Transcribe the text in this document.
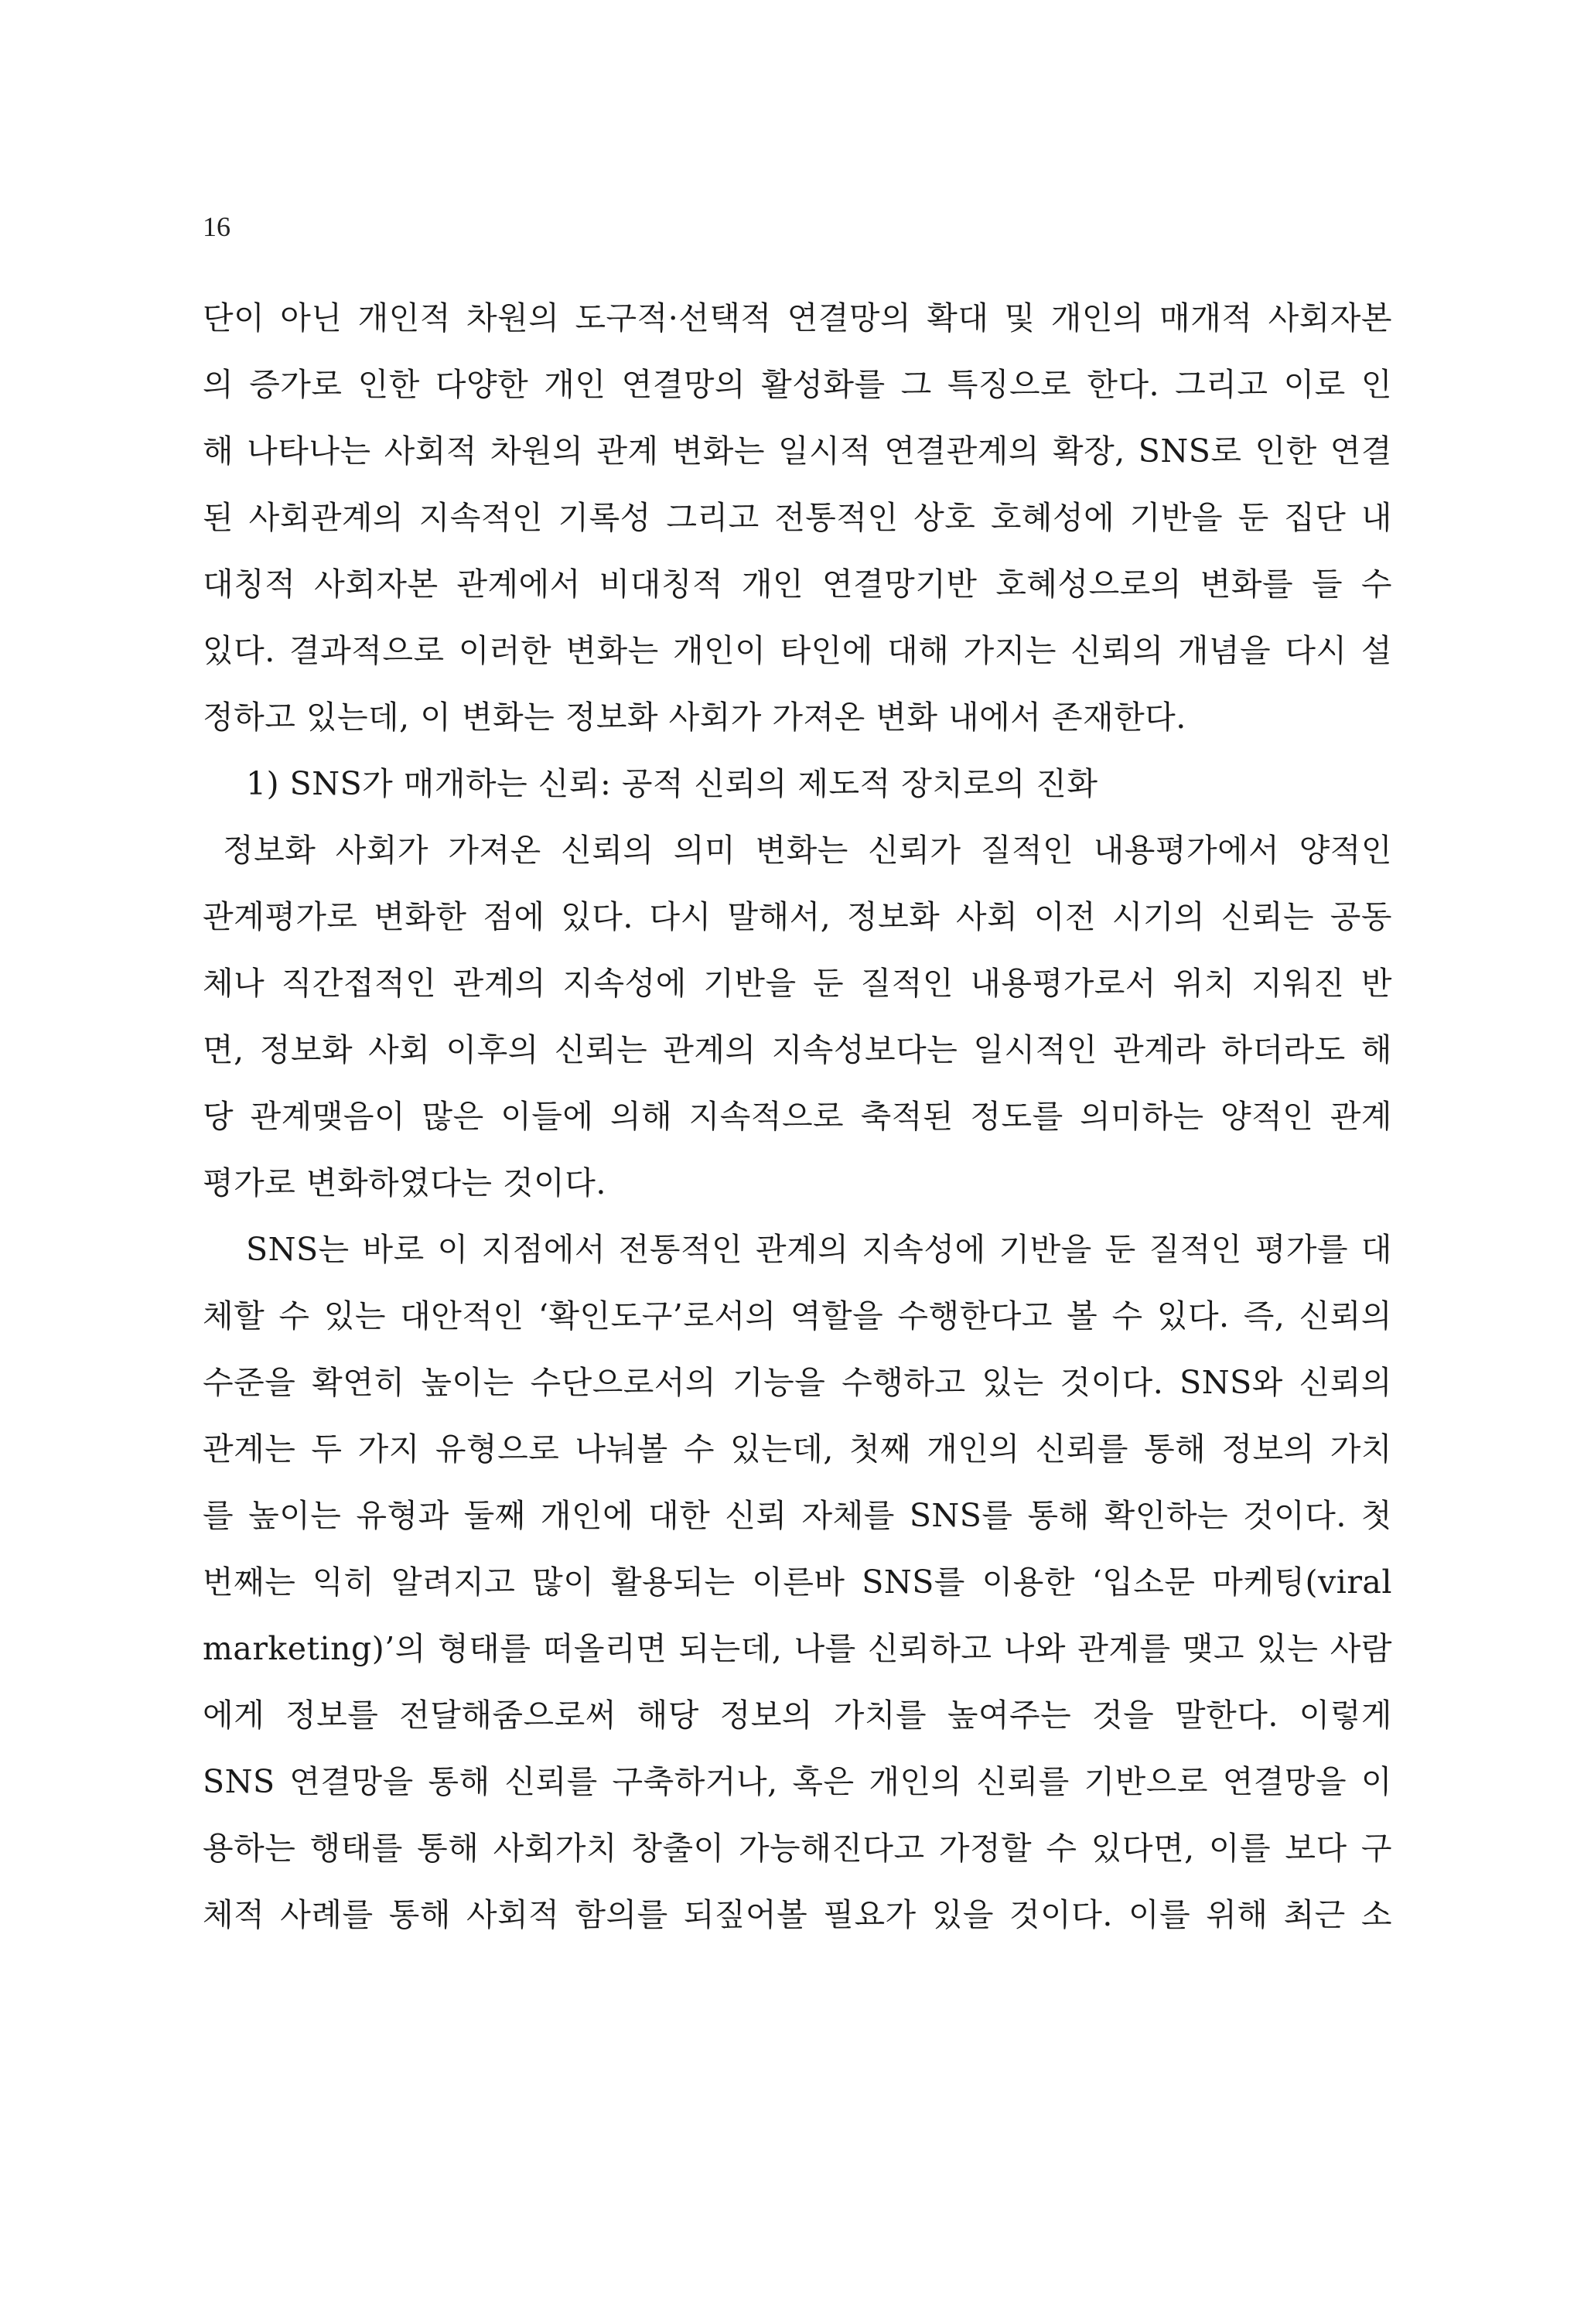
16
단이 아닌 개인적 차원의 도구적·선택적 연결망의 확대 및 개인의 매개적 사회자본
의 증가로 인한 다양한 개인 연결망의 활성화를 그 특징으로 한다. 그리고 이로 인
해 나타나는 사회적 차원의 관계 변화는 일시적 연결관계의 확장, SNS로 인한 연결
된 사회관계의 지속적인 기록성 그리고 전통적인 상호 호혜성에 기반을 둔 집단 내
대칭적 사회자본 관계에서 비대칭적 개인 연결망기반 호혜성으로의 변화를 들 수
있다. 결과적으로 이러한 변화는 개인이 타인에 대해 가지는 신뢰의 개념을 다시 설
정하고 있는데, 이 변화는 정보화 사회가 가져온 변화 내에서 존재한다.
1) SNS가 매개하는 신뢰: 공적 신뢰의 제도적 장치로의 진화
정보화 사회가 가져온 신뢰의 의미 변화는 신뢰가 질적인 내용평가에서 양적인
관계평가로 변화한 점에 있다. 다시 말해서, 정보화 사회 이전 시기의 신뢰는 공동
체나 직간접적인 관계의 지속성에 기반을 둔 질적인 내용평가로서 위치 지워진 반
면, 정보화 사회 이후의 신뢰는 관계의 지속성보다는 일시적인 관계라 하더라도 해
당 관계맺음이 많은 이들에 의해 지속적으로 축적된 정도를 의미하는 양적인 관계
평가로 변화하였다는 것이다.
SNS는 바로 이 지점에서 전통적인 관계의 지속성에 기반을 둔 질적인 평가를 대
체할 수 있는 대안적인 ‘확인도구’로서의 역할을 수행한다고 볼 수 있다. 즉, 신뢰의
수준을 확연히 높이는 수단으로서의 기능을 수행하고 있는 것이다. SNS와 신뢰의
관계는 두 가지 유형으로 나눠볼 수 있는데, 첫째 개인의 신뢰를 통해 정보의 가치
를 높이는 유형과 둘째 개인에 대한 신뢰 자체를 SNS를 통해 확인하는 것이다. 첫
번째는 익히 알려지고 많이 활용되는 이른바 SNS를 이용한 ‘입소문 마케팅(viral
marketing)’의 형태를 떠올리면 되는데, 나를 신뢰하고 나와 관계를 맺고 있는 사람
에게 정보를 전달해줌으로써 해당 정보의 가치를 높여주는 것을 말한다. 이렇게
SNS 연결망을 통해 신뢰를 구축하거나, 혹은 개인의 신뢰를 기반으로 연결망을 이
용하는 행태를 통해 사회가치 창출이 가능해진다고 가정할 수 있다면, 이를 보다 구
체적 사례를 통해 사회적 함의를 되짚어볼 필요가 있을 것이다. 이를 위해 최근 소
